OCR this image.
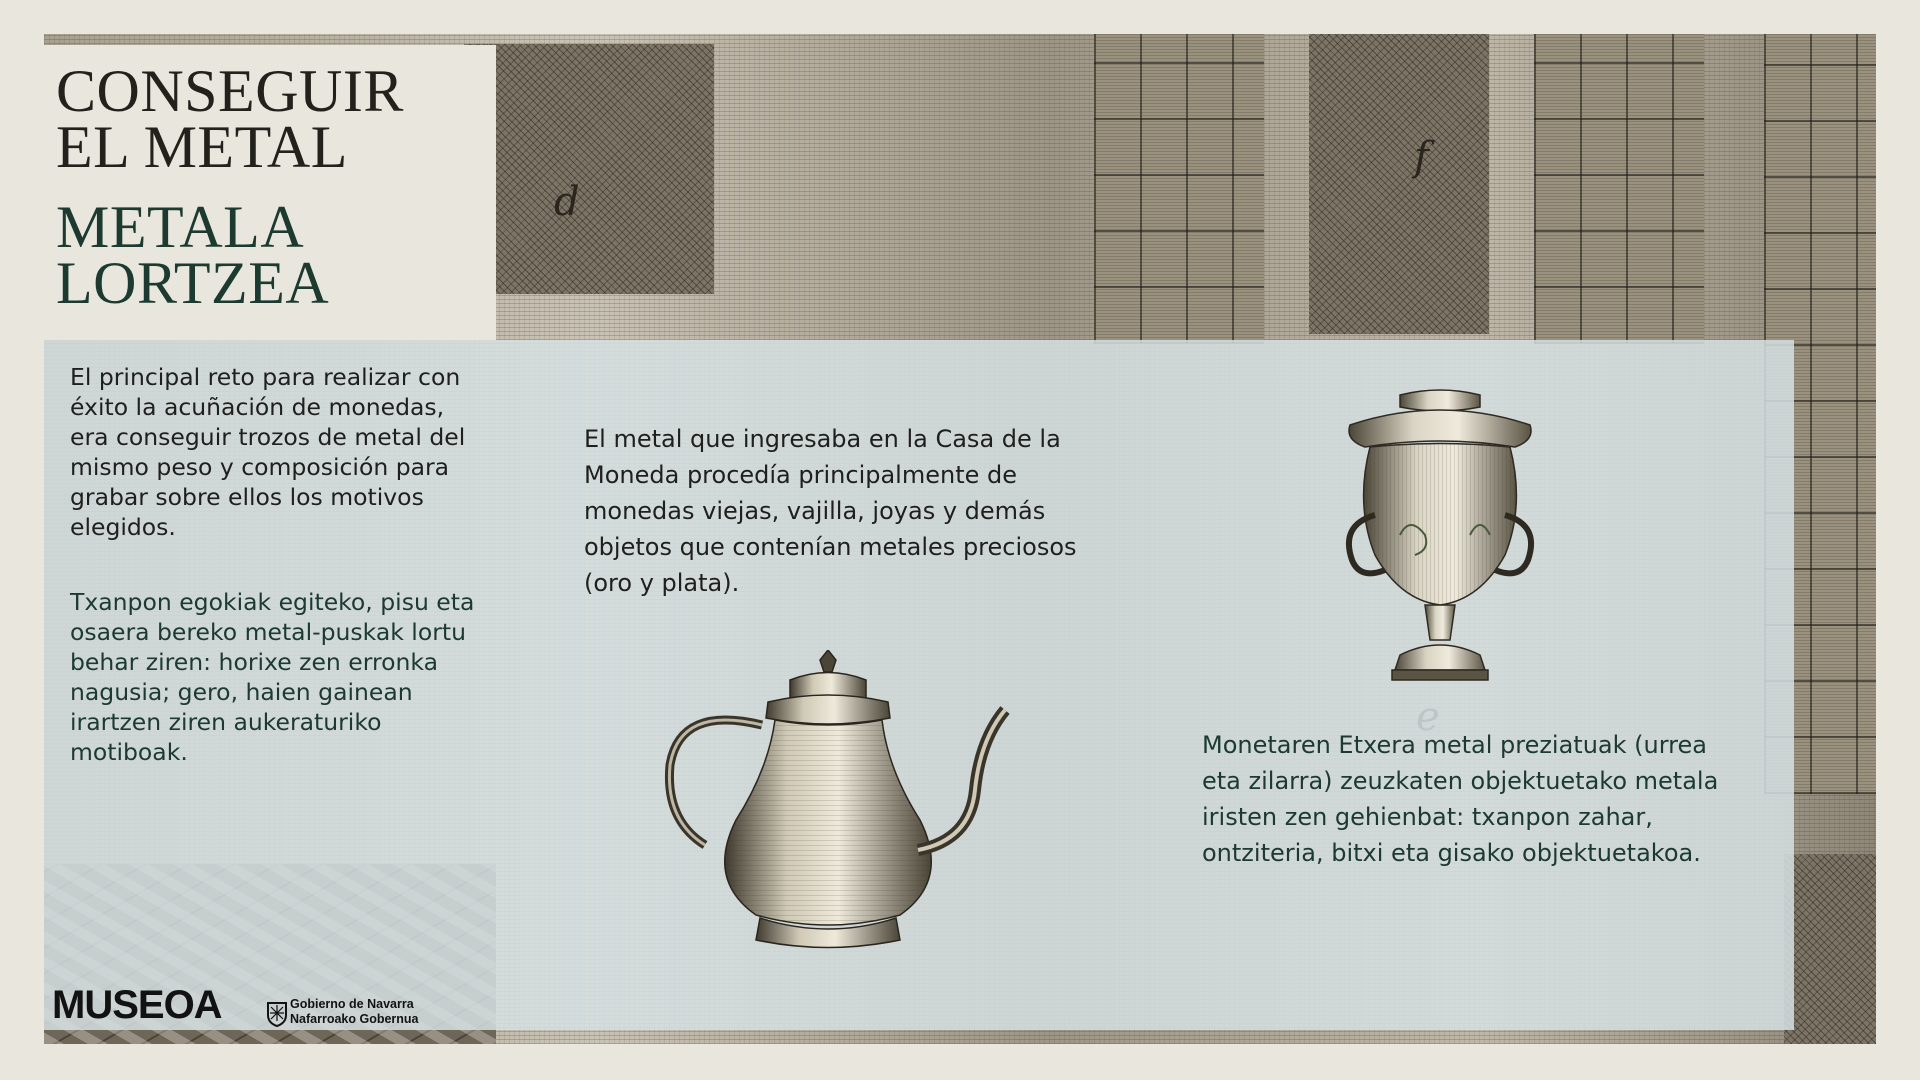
d
f
CONSEGUIR
EL METAL
METALA
LORTZEA

El principal reto para realizar con éxito la acuñación de monedas, era conseguir trozos de metal del mismo peso y composición para grabar sobre ellos los motivos elegidos.

Txanpon egokiak egiteko, pisu eta osaera bereko metal-puskak lortu behar ziren: horixe zen erronka nagusia; gero, haien gainean irartzen ziren aukeraturiko motiboak.

El metal que ingresaba en la Casa de la Moneda procedía principalmente de monedas viejas, vajilla, joyas y demás objetos que contenían metales preciosos (oro y plata).

Monetaren Etxera metal preziatuak (urrea eta zilarra) zeuzkaten objektuetako metala iristen zen gehienbat: txanpon zahar, ontziteria, bitxi eta gisako objektuetakoa.

MUSEOA	Gobierno de Navarra
Nafarroako Gobernua
